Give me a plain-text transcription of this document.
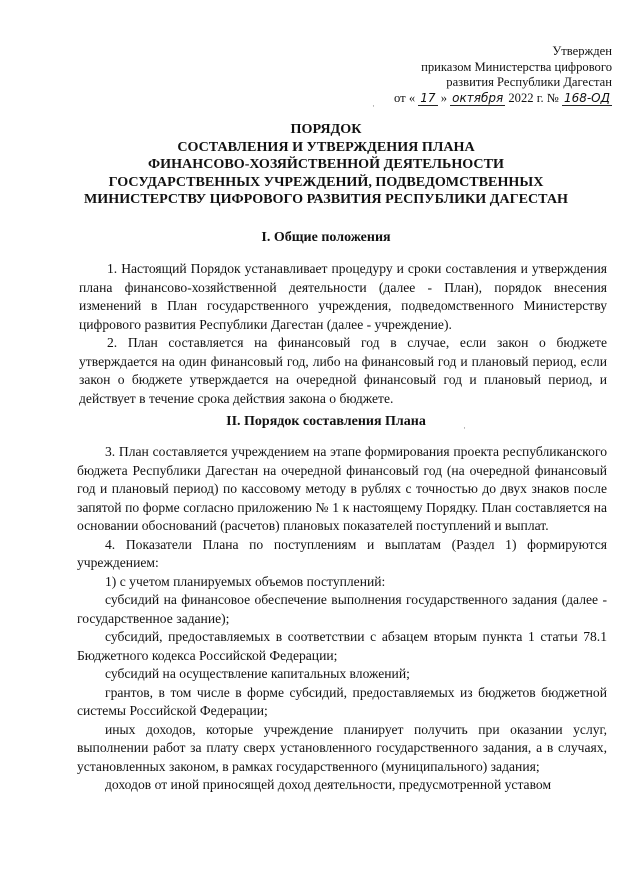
Утвержден
приказом Министерства цифрового
развития Республики Дагестан
от « 17 » октября 2022 г. № 168-ОД
ПОРЯДОК
СОСТАВЛЕНИЯ И УТВЕРЖДЕНИЯ ПЛАНА
ФИНАНСОВО-ХОЗЯЙСТВЕННОЙ ДЕЯТЕЛЬНОСТИ
ГОСУДАРСТВЕННЫХ УЧРЕЖДЕНИЙ, ПОДВЕДОМСТВЕННЫХ
МИНИСТЕРСТВУ ЦИФРОВОГО РАЗВИТИЯ РЕСПУБЛИКИ ДАГЕСТАН
I. Общие положения

1. Настоящий Порядок устанавливает процедуру и сроки составления и утверждения плана финансово-хозяйственной деятельности (далее - План), порядок внесения изменений в План государственного учреждения, подведомственного Министерству цифрового развития Республики Дагестан (далее - учреждение).

2. План составляется на финансовый год в случае, если закон о бюджете утверждается на один финансовый год, либо на финансовый год и плановый период, если закон о бюджете утверждается на очередной финансовый год и плановый период, и действует в течение срока действия закона о бюджете.

II. Порядок составления Плана

3. План составляется учреждением на этапе формирования проекта республиканского бюджета Республики Дагестан на очередной финансовый год (на очередной финансовый год и плановый период) по кассовому методу в рублях с точностью до двух знаков после запятой по форме согласно приложению № 1 к настоящему Порядку. План составляется на основании обоснований (расчетов) плановых показателей поступлений и выплат.

4. Показатели Плана по поступлениям и выплатам (Раздел 1) формируются учреждением:

1) с учетом планируемых объемов поступлений:

субсидий на финансовое обеспечение выполнения государственного задания (далее - государственное задание);

субсидий, предоставляемых в соответствии с абзацем вторым пункта 1 статьи 78.1 Бюджетного кодекса Российской Федерации;

субсидий на осуществление капитальных вложений;

грантов, в том числе в форме субсидий, предоставляемых из бюджетов бюджетной системы Российской Федерации;

иных доходов, которые учреждение планирует получить при оказании услуг, выполнении работ за плату сверх установленного государственного задания, а в случаях, установленных законом, в рамках государственного (муниципального) задания;

доходов от иной приносящей доход деятельности, предусмотренной уставом

·
·
